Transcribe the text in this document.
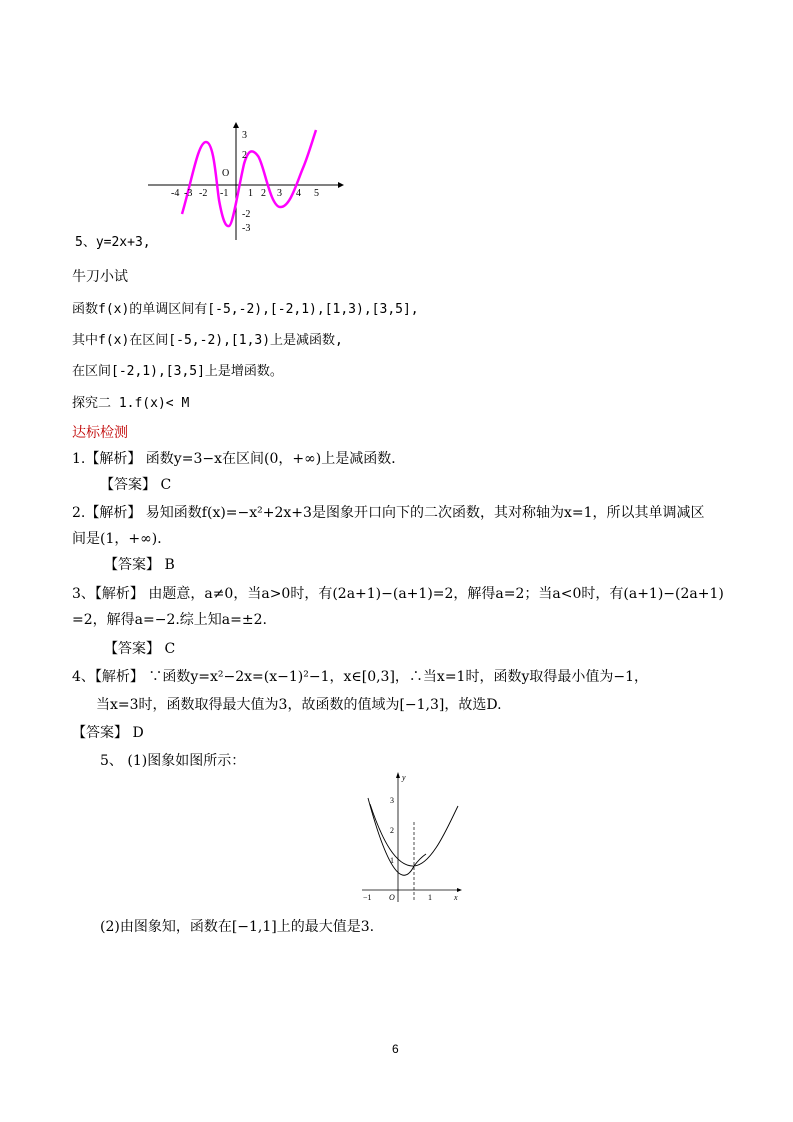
-4 -3 -2 -1 1 2 3 4 5
3
2
-2
-3
O
5、y=2x+3,
牛刀小试
函数f(x)的单调区间有[-5,-2),[-2,1),[1,3),[3,5],
其中f(x)在区间[-5,-2),[1,3)上是减函数,
在区间[-2,1),[3,5]上是增函数。
探究二 1.f(x)< M
达标检测
1.【解析】 函数y=3−x在区间(0，+∞)上是减函数．
【答案】 C
2.【解析】 易知函数f(x)=−x²+2x+3是图象开口向下的二次函数，其对称轴为x=1，所以其单调减区
间是(1，+∞)．
【答案】 B
3、【解析】 由题意，a≠0，当a>0时，有(2a+1)−(a+1)=2，解得a=2；当a<0时，有(a+1)−(2a+1)
=2，解得a=−2.综上知a=±2.
【答案】 C
4、【解析】 ∵函数y=x²−2x=(x−1)²−1，x∈[0,3]，∴当x=1时，函数y取得最小值为−1，
当x=3时，函数取得最大值为3，故函数的值域为[−1,3]，故选D.
【答案】 D
5、 (1)图象如图所示：
3
2
1
−1	1
O	x
y
(2)由图象知，函数在[−1,1]上的最大值是3.
6
